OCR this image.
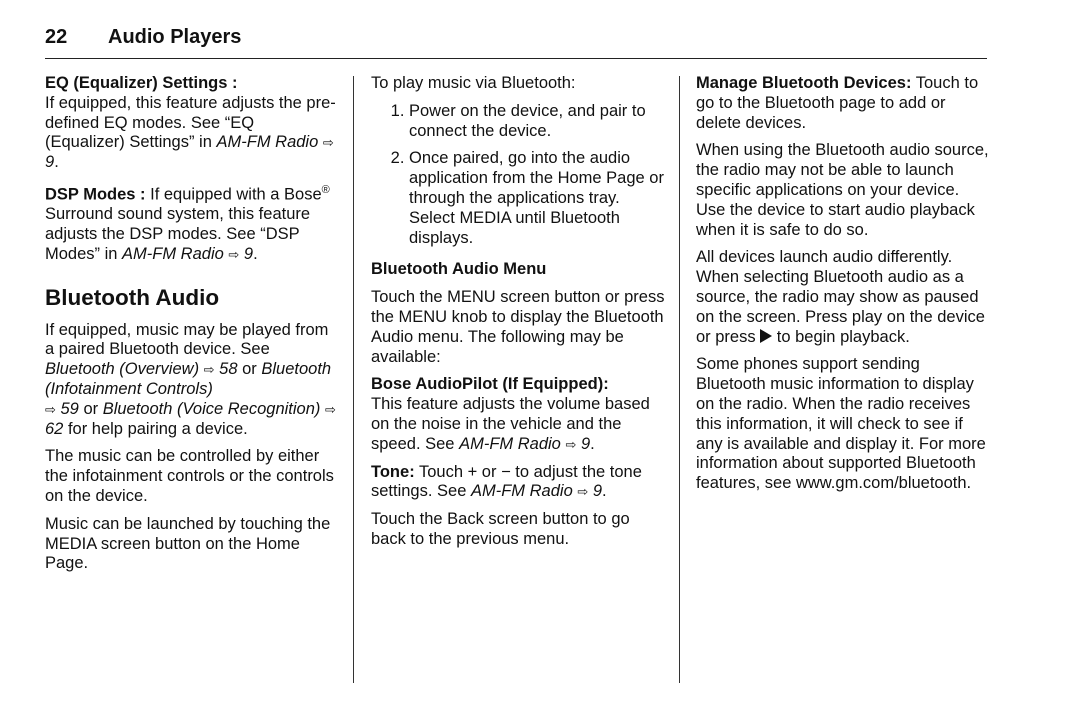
22 Audio Players

EQ (Equalizer) Settings :
If equipped, this feature adjusts the pre-defined EQ modes. See “EQ (Equalizer) Settings” in AM-FM Radio ⇨ 9.

DSP Modes : If equipped with a Bose® Surround sound system, this feature adjusts the DSP modes. See “DSP Modes” in AM-FM Radio ⇨ 9.

Bluetooth Audio

If equipped, music may be played from a paired Bluetooth device. See Bluetooth (Overview) ⇨ 58 or Bluetooth (Infotainment Controls)
⇨ 59 or Bluetooth (Voice Recognition) ⇨ 62 for help pairing a device.

The music can be controlled by either the infotainment controls or the controls on the device.

Music can be launched by touching the MEDIA screen button on the Home Page.

To play music via Bluetooth:

1. Power on the device, and pair to connect the device.
2. Once paired, go into the audio application from the Home Page or through the applications tray. Select MEDIA until Bluetooth displays.
Bluetooth Audio Menu

Touch the MENU screen button or press the MENU knob to display the Bluetooth Audio menu. The following may be available:

Bose AudioPilot (If Equipped):
This feature adjusts the volume based on the noise in the vehicle and the speed. See AM-FM Radio ⇨ 9.

Tone: Touch + or − to adjust the tone settings. See AM-FM Radio ⇨ 9.

Touch the Back screen button to go back to the previous menu.

Manage Bluetooth Devices: Touch to go to the Bluetooth page to add or delete devices.

When using the Bluetooth audio source, the radio may not be able to launch specific applications on your device. Use the device to start audio playback when it is safe to do so.

All devices launch audio differently. When selecting Bluetooth audio as a source, the radio may show as paused on the screen. Press play on the device or press  to begin playback.

Some phones support sending Bluetooth music information to display on the radio. When the radio receives this information, it will check to see if any is available and display it. For more information about supported Bluetooth features, see www.gm.com/bluetooth.
